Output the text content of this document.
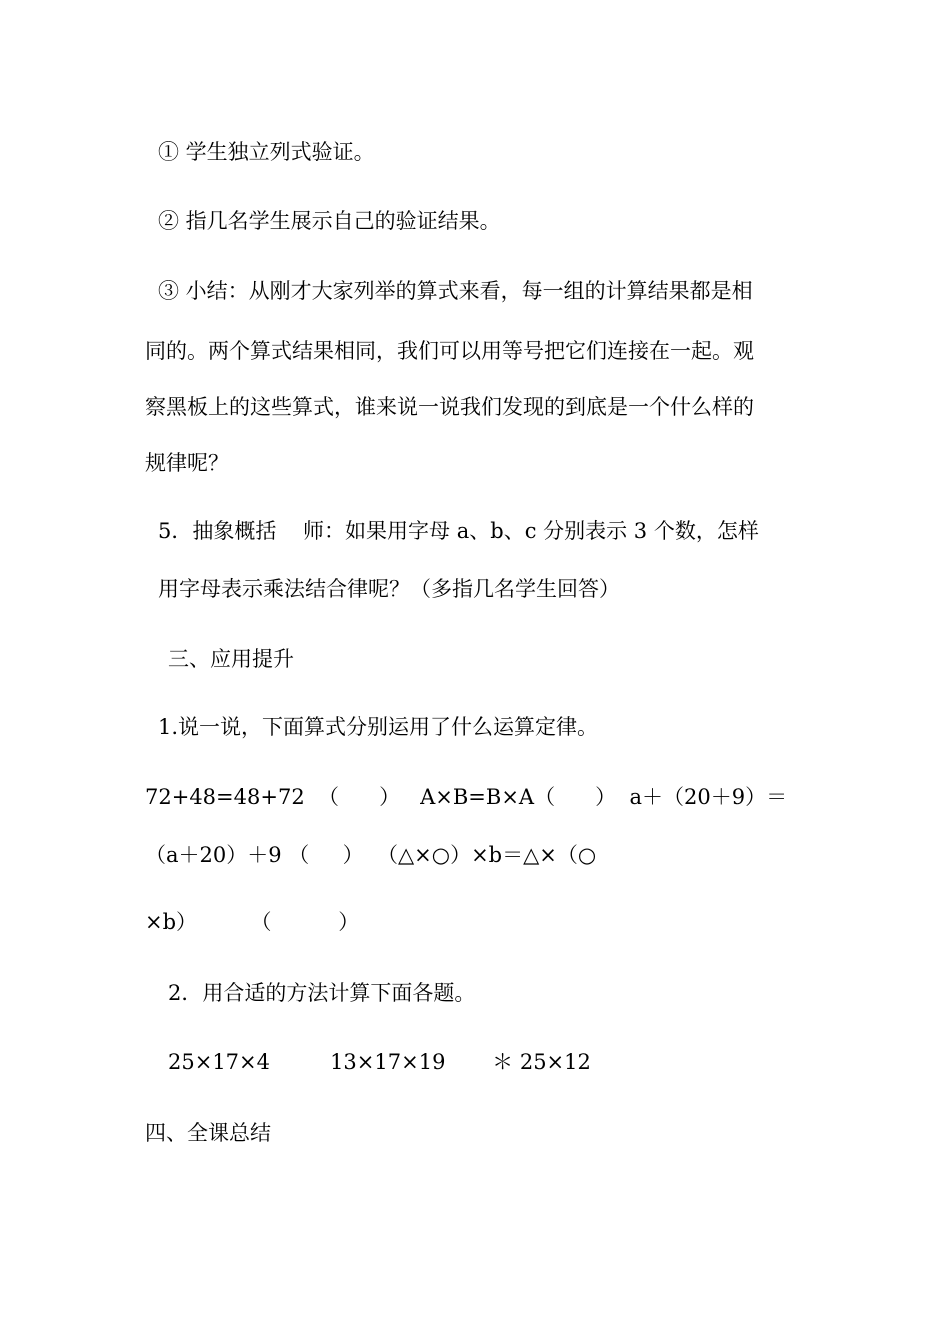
① 学生独立列式验证。
② 指几名学生展示自己的验证结果。
③ 小结：从刚才大家列举的算式来看，每一组的计算结果都是相
同的。两个算式结果相同，我们可以用等号把它们连接在一起。观
察黑板上的这些算式，谁来说一说我们发现的到底是一个什么样的
规律呢？
5．抽象概括    师：如果用字母 a、b、c 分别表示 3 个数，怎样
用字母表示乘法结合律呢？（多指几名学生回答）
三、应用提升
1.说一说，下面算式分别运用了什么运算定律。
72+48=48+72  （      ）   A×B=B×A（      ）  a＋（20＋9）＝
（a＋20）＋9 （     ）  （△×○）×b＝△×（○
×b）        （          ）
2．用合适的方法计算下面各题。
25×17×4         13×17×19       ＊ 25×12
四、全课总结
